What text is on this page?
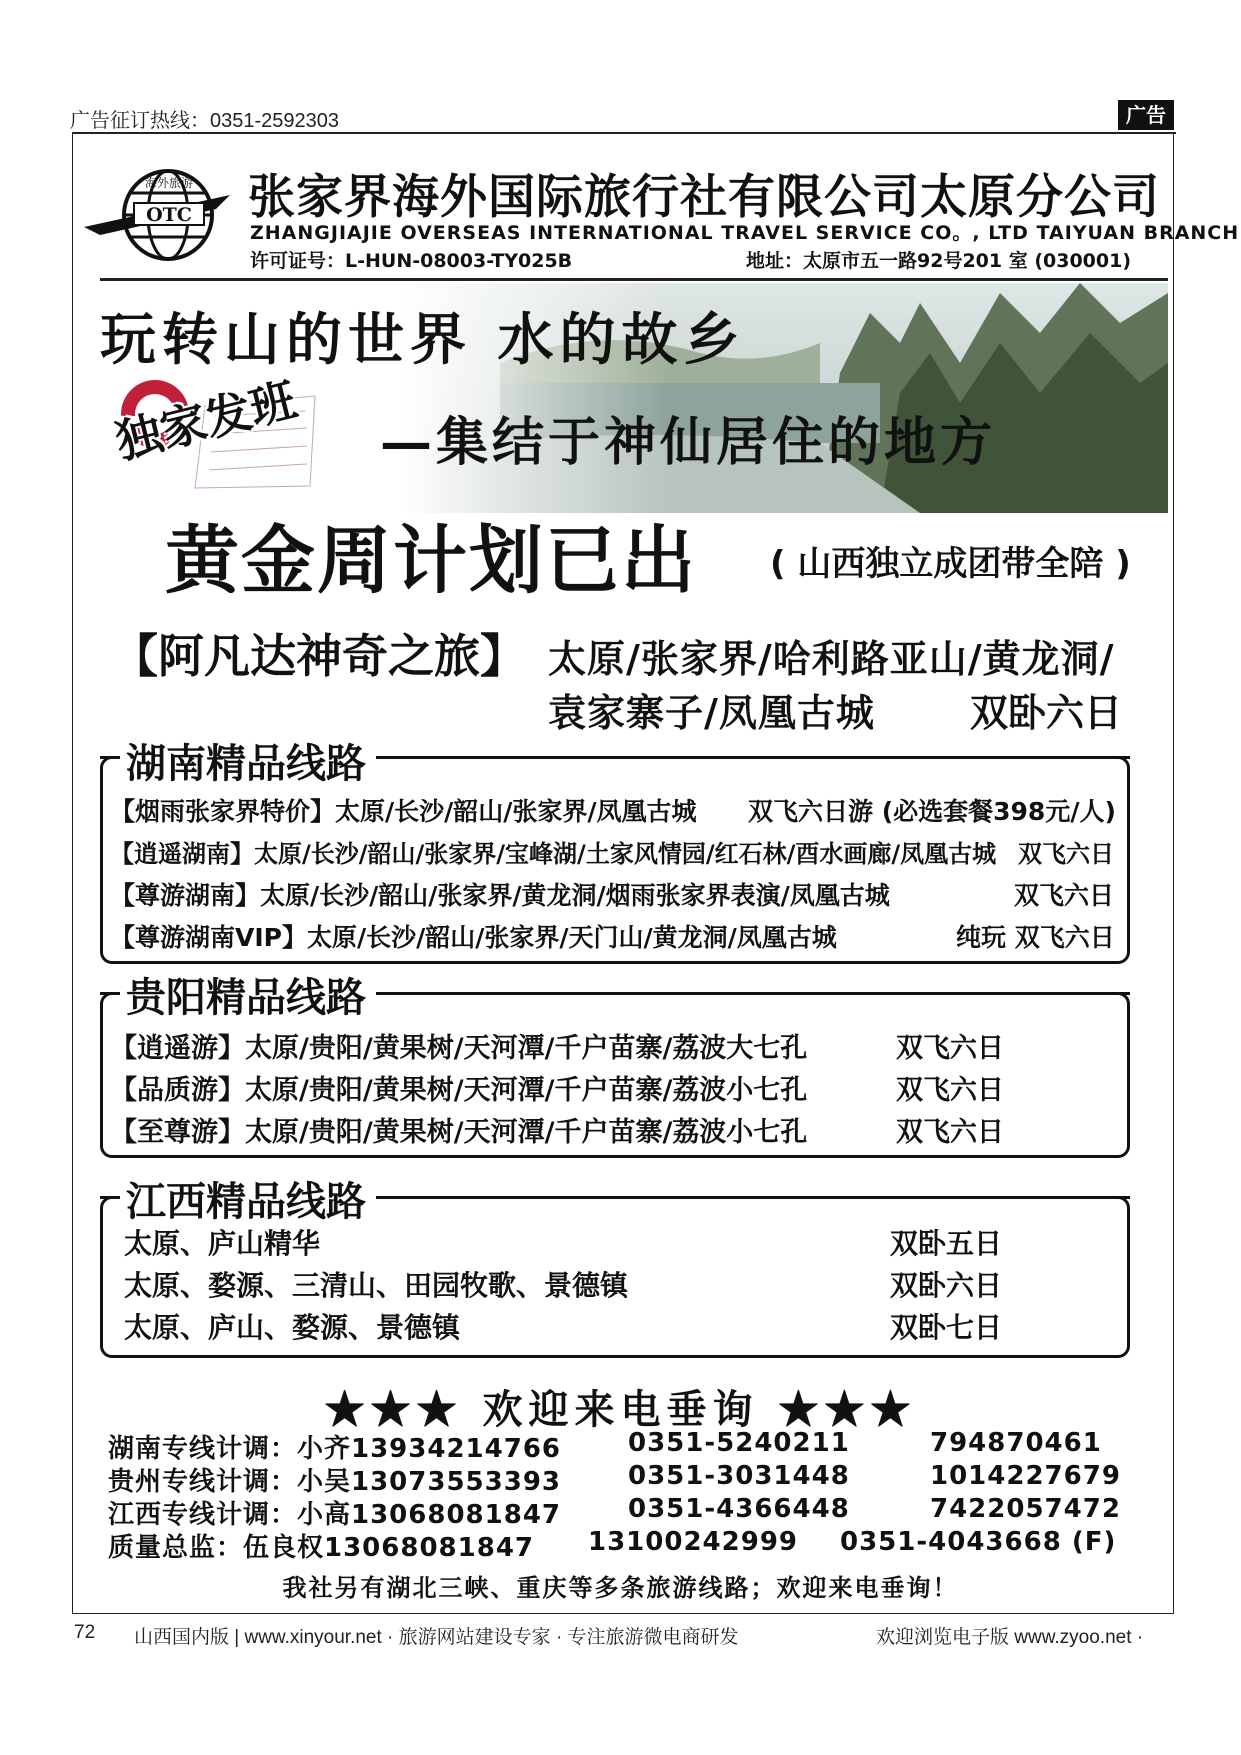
广告征订热线：0351-2592303	广告
OTC
海外旅游 张家界海外国际旅行社有限公司太原分公司
ZHANGJIAJIE OVERSEAS INTERNATIONAL TRAVEL SERVICE CO。, LTD TAIYUAN BRANCH
许可证号：L-HUN-08003-TY025B	地址：太原市五一路92号201 室 (030001)
玩转山的世界 水的故乡
独家发班 —集结于神仙居住的地方
黄金周计划已出 ( 山西独立成团带全陪 )
【阿凡达神奇之旅】 太原/张家界/哈利路亚山/黄龙洞/
袁家寨子/凤凰古城	双卧六日
湖南精品线路
【烟雨张家界特价】太原/长沙/韶山/张家界/凤凰古城 双飞六日游 (必选套餐398元/人)
【逍遥湖南】太原/长沙/韶山/张家界/宝峰湖/土家风情园/红石林/酉水画廊/凤凰古城 双飞六日
【尊游湖南】太原/长沙/韶山/张家界/黄龙洞/烟雨张家界表演/凤凰古城	双飞六日
【尊游湖南VIP】太原/长沙/韶山/张家界/天门山/黄龙洞/凤凰古城	纯玩 双飞六日
贵阳精品线路
【逍遥游】太原/贵阳/黄果树/天河潭/千户苗寨/荔波大七孔	双飞六日
【品质游】太原/贵阳/黄果树/天河潭/千户苗寨/荔波小七孔	双飞六日
【至尊游】太原/贵阳/黄果树/天河潭/千户苗寨/荔波小七孔	双飞六日
江西精品线路
太原、庐山精华	双卧五日
太原、婺源、三清山、田园牧歌、景德镇	双卧六日
太原、庐山、婺源、景德镇	双卧七日
★★★ 欢迎来电垂询 ★★★
湖南专线计调：小齐13934214766	0351-5240211	794870461
贵州专线计调：小吴13073553393	0351-3031448	1014227679
江西专线计调：小高13068081847	0351-4366448	7422057472
质量总监：伍良权13068081847 13100242999 0351-4043668 (F)
我社另有湖北三峡、重庆等多条旅游线路；欢迎来电垂询！
72 山西国内版 | www.xinyour.net · 旅游网站建设专家 · 专注旅游微电商研发	欢迎浏览电子版 www.zyoo.net ·
